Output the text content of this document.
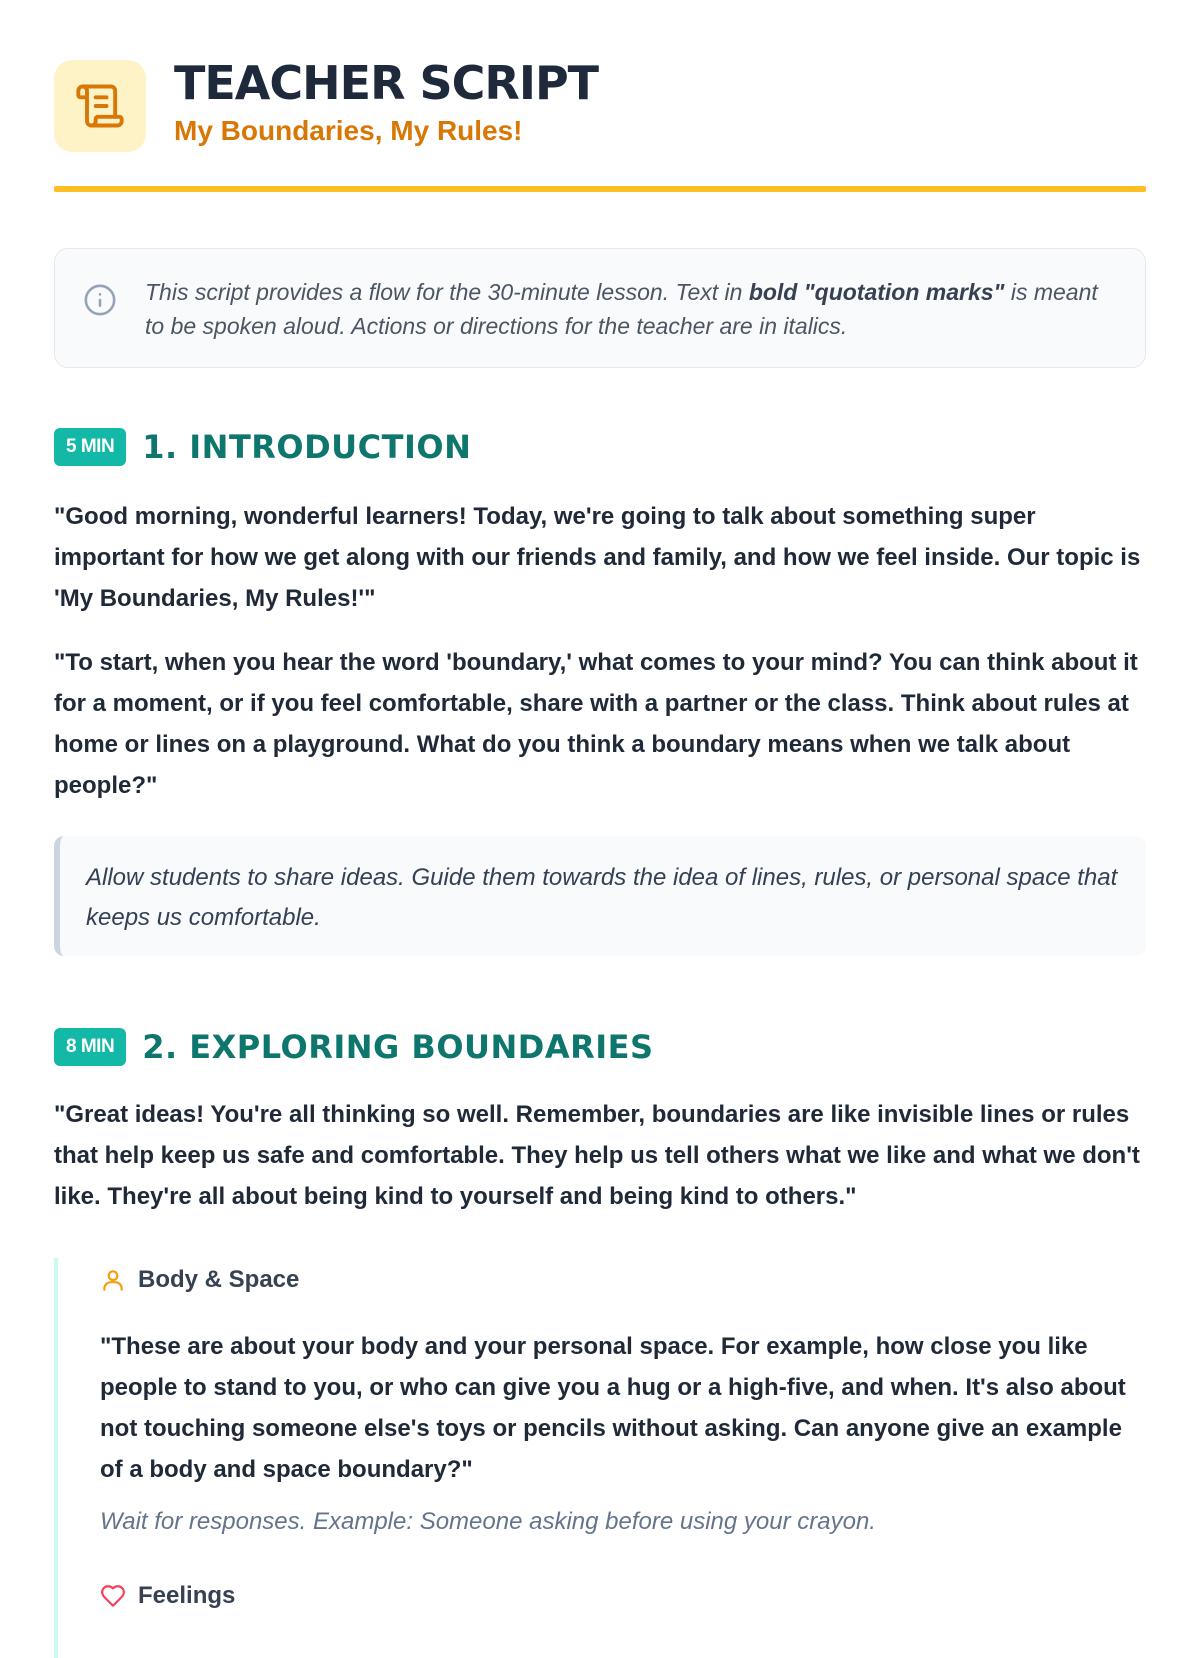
TEACHER SCRIPT
My Boundaries, My Rules!
This script provides a flow for the 30-minute lesson. Text in bold "quotation marks" is meant to be spoken aloud. Actions or directions for the teacher are in italics.
5 MIN 1. INTRODUCTION

"Good morning, wonderful learners! Today, we're going to talk about something super important for how we get along with our friends and family, and how we feel inside. Our topic is 'My Boundaries, My Rules!'"

"To start, when you hear the word 'boundary,' what comes to your mind? You can think about it for a moment, or if you feel comfortable, share with a partner or the class. Think about rules at home or lines on a playground. What do you think a boundary means when we talk about people?"

Allow students to share ideas. Guide them towards the idea of lines, rules, or personal space that keeps us comfortable.
8 MIN 2. EXPLORING BOUNDARIES

"Great ideas! You're all thinking so well. Remember, boundaries are like invisible lines or rules that help keep us safe and comfortable. They help us tell others what we like and what we don't like. They're all about being kind to yourself and being kind to others."

Body & Space

"These are about your body and your personal space. For example, how close you like people to stand to you, or who can give you a hug or a high-five, and when. It's also about not touching someone else's toys or pencils without asking. Can anyone give an example of a body and space boundary?"

Wait for responses. Example: Someone asking before using your crayon.
Feelings
